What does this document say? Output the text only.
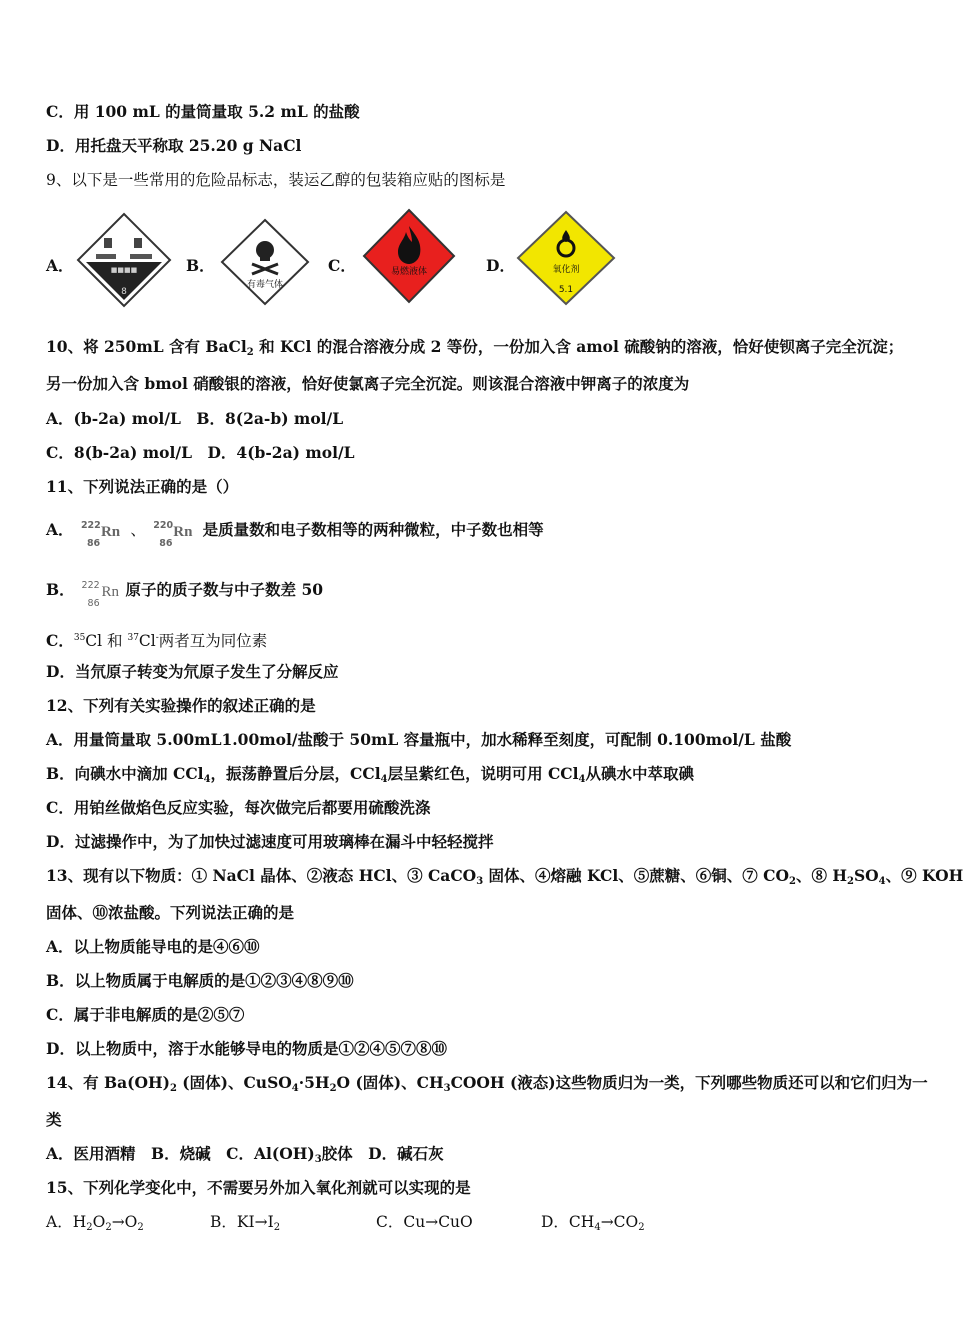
C．用 100 mL 的量筒量取 5.2 mL 的盐酸
D．用托盘天平称取 25.20 g NaCl
9、以下是一些常用的危险品标志，装运乙醇的包装箱应贴的图标是
A．	■■■■
8
B．
有毒气体
C．	易燃液体	D．	氧化剂
5.1
10、将 250mL 含有 BaCl$_2$ 和 KCl 的混合溶液分成 2 等份，一份加入含 amol 硫酸钠的溶液，恰好使钡离子完全沉淀；
另一份加入含 bmol 硝酸银的溶液，恰好使氯离子完全沉淀。则该混合溶液中钾离子的浓度为
A．(b-2a) mol/L　B．8(2a-b) mol/L
C．8(b-2a) mol/L　D．4(b-2a) mol/L
11、下列说法正确的是（）
A． 222
86
Rn 、 220
86
Rn 是质量数和电子数相等的两种微粒，中子数也相等
B． 222
86
Rn 原子的质子数与中子数差 50
C．$^{35}$Cl 和 $^{37}$Cl-两者互为同位素
D．当氘原子转变为氘原子发生了分解反应
12、下列有关实验操作的叙述正确的是
A．用量筒量取 5.00mL1.00mol/盐酸于 50mL 容量瓶中，加水稀释至刻度，可配制 0.100mol/L 盐酸
B．向碘水中滴加 CCl$_4$，振荡静置后分层，CCl$_4$层呈紫红色，说明可用 CCl$_4$从碘水中萃取碘
C．用铂丝做焰色反应实验，每次做完后都要用硫酸洗涤
D．过滤操作中，为了加快过滤速度可用玻璃棒在漏斗中轻轻搅拌
13、现有以下物质：① NaCl 晶体、②液态 HCl、③ CaCO$_3$ 固体、④熔融 KCl、⑤蔗糖、⑥铜、⑦ $CO_2$、⑧ $H_2SO_4$、⑨ KOH
固体、⑩浓盐酸。下列说法正确的是
A．以上物质能导电的是④⑥⑩
B．以上物质属于电解质的是①②③④⑧⑨⑩
C．属于非电解质的是②⑤⑦
D．以上物质中，溶于水能够导电的物质是①②④⑤⑦⑧⑩
14、有 $Ba(OH)_2$ (固体)、$CuSO_4\cdot 5H_2O$ (固体)、$CH_3COOH$ (液态)这些物质归为一类，下列哪些物质还可以和它们归为一
类
A．医用酒精　B．烧碱　C．$Al(OH)_3$胶体　D．碱石灰
15、下列化学变化中，不需要另外加入氧化剂就可以实现的是
A．$H_2O_2\to O_2$	B．$KI\to I_2$	C．Cu→CuO	D．$CH_4\to CO_2$
